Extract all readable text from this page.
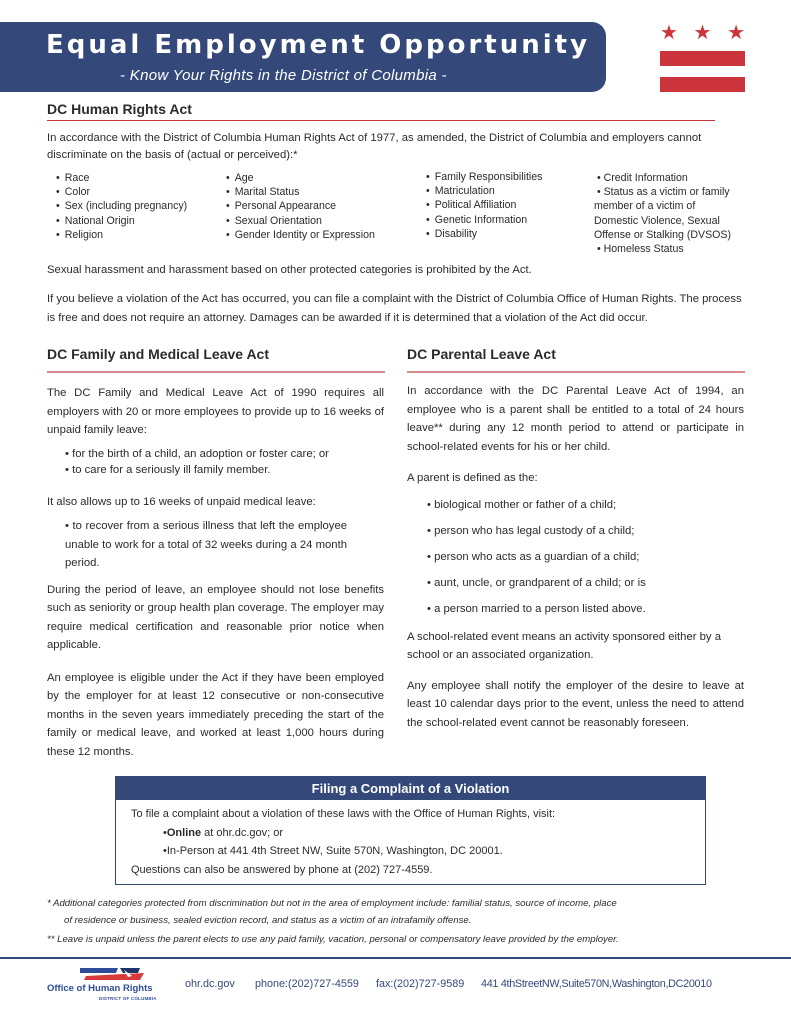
Equal Employment Opportunity
- Know Your Rights in the District of Columbia -
★ ★ ★
DC Human Rights Act
In accordance with the District of Columbia Human Rights Act of 1977, as amended, the District of Columbia and employers cannot discriminate on the basis of (actual or perceived):*
• Race
• Color
• Sex (including pregnancy)
• National Origin
• Religion
• Age
• Marital Status
• Personal Appearance
• Sexual Orientation
• Gender Identity or Expression
• Family Responsibilities
• Matriculation
• Political Affiliation
• Genetic Information
• Disability
• Credit Information
• Status as a victim or family
member of a victim of
Domestic Violence, Sexual
Offense or Stalking (DVSOS)
• Homeless Status
Sexual harassment and harassment based on other protected categories is prohibited by the Act.
If you believe a violation of the Act has occurred, you can file a complaint with the District of Columbia Office of Human Rights. The process is free and does not require an attorney. Damages can be awarded if it is determined that a violation of the Act did occur.
DC Family and Medical Leave Act

The DC Family and Medical Leave Act of 1990 requires all employers with 20 or more employees to provide up to 16 weeks of unpaid family leave:

• for the birth of a child, an adoption or foster care; or
• to care for a seriously ill family member.

It also allows up to 16 weeks of unpaid medical leave:

• to recover from a serious illness that left the employee unable to work for a total of 32 weeks during a 24 month period.

During the period of leave, an employee should not lose benefits such as seniority or group health plan coverage. The employer may require medical certification and reasonable prior notice when applicable.

An employee is eligible under the Act if they have been employed by the employer for at least 12 consecutive or non-consecutive months in the seven years immediately preceding the start of the family or medical leave, and worked at least 1,000 hours during these 12 months.

DC Parental Leave Act

In accordance with the DC Parental Leave Act of 1994, an employee who is a parent shall be entitled to a total of 24 hours leave** during any 12 month period to attend or participate in school-related events for his or her child.

A parent is defined as the:

• biological mother or father of a child;
• person who has legal custody of a child;
• person who acts as a guardian of a child;
• aunt, uncle, or grandparent of a child; or is
• a person married to a person listed above.

A school-related event means an activity sponsored either by a school or an associated organization.

Any employee shall notify the employer of the desire to leave at least 10 calendar days prior to the event, unless the need to attend the school-related event cannot be reasonably foreseen.

Filing a Complaint of a Violation
To file a complaint about a violation of these laws with the Office of Human Rights, visit:
• Online at ohr.dc.gov; or
• In-Person at 441 4th Street NW, Suite 570N, Washington, DC 20001.
Questions can also be answered by phone at (202) 727-4559.
* Additional categories protected from discrimination but not in the area of employment include: familial status, source of income, place
of residence or business, sealed eviction record, and status as a victim of an intrafamily offense.
** Leave is unpaid unless the parent elects to use any paid family, vacation, personal or compensatory leave provided by the employer.
Office of Human Rights
DISTRICT OF COLUMBIA
ohr.dc.gov phone:(202)727-4559 fax:(202)727-9589 441 4thStreetNW,Suite570N,Washington,DC20010
